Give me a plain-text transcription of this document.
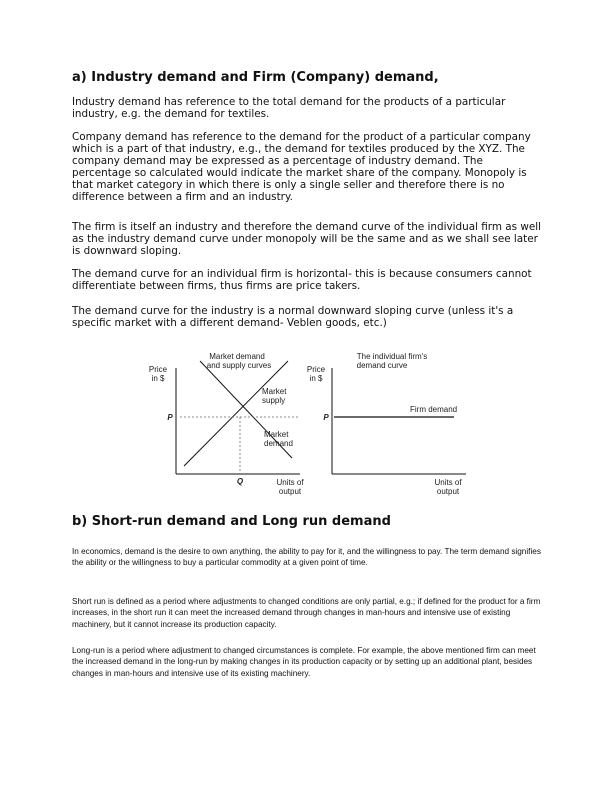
a) Industry demand and Firm (Company) demand,

Industry demand has reference to the total demand for the products of a particular industry, e.g. the demand for textiles.

Company demand has reference to the demand for the product of a particular company which is a part of that industry, e.g., the demand for textiles produced by the XYZ. The company demand may be expressed as a percentage of industry demand. The percentage so calculated would indicate the market share of the company. Monopoly is that market category in which there is only a single seller and therefore there is no difference between a firm and an industry.

The firm is itself an industry and therefore the demand curve of the individual firm as well as the industry demand curve under monopoly will be the same and as we shall see later is downward sloping.

The demand curve for an individual firm is horizontal- this is because consumers cannot differentiate between firms, thus firms are price takers.

The demand curve for the industry is a normal downward sloping curve (unless it's a specific market with a different demand- Veblen goods, etc.)

Market demand
and supply curves
Price
in $
P
Q
Market
supply
Market
demand
Units of
output
The individual firm's
demand curve
Price
in $
P
Firm demand
Units of
output
b) Short-run demand and Long run demand

In economics, demand is the desire to own anything, the ability to pay for it, and the willingness to pay. The term demand signifies the ability or the willingness to buy a particular commodity at a given point of time.

Short run is defined as a period where adjustments to changed conditions are only partial, e.g.; if defined for the product for a firm increases, in the short run it can meet the increased demand through changes in man-hours and intensive use of existing machinery, but it cannot increase its production capacity.

Long-run is a period where adjustment to changed circumstances is complete. For example, the above mentioned firm can meet the increased demand in the long-run by making changes in its production capacity or by setting up an additional plant, besides changes in man-hours and intensive use of its existing machinery.
